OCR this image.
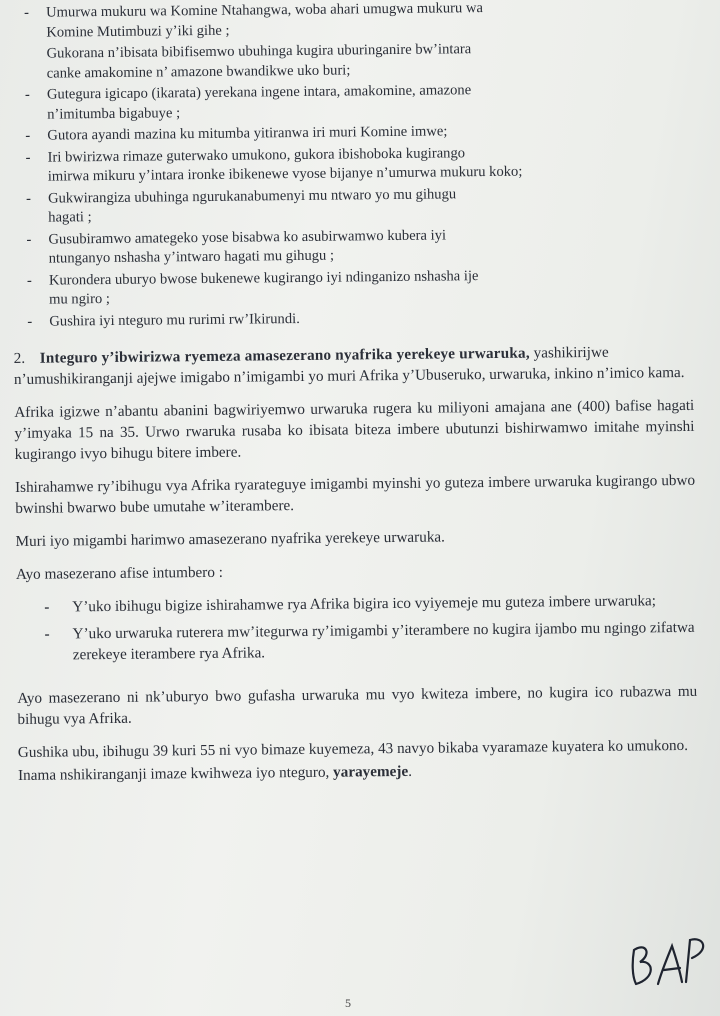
- Umurwa mukuru wa Komine Ntahangwa, woba ahari umugwa mukuru wa
Komine Mutimbuzi y’iki gihe ;
Gukorana n’ibisata bibifisemwo ubuhinga kugira uburinganire bw’intara
canke amakomine n’ amazone bwandikwe uko buri;
- Gutegura igicapo (ikarata) yerekana ingene intara, amakomine, amazone
n’imitumba bigabuye ;
- Gutora ayandi mazina ku mitumba yitiranwa iri muri Komine imwe;
- Iri bwirizwa rimaze guterwako umukono, gukora ibishoboka kugirango
imirwa mikuru y’intara ironke ibikenewe vyose bijanye n’umurwa mukuru koko;
- Gukwirangiza ubuhinga ngurukanabumenyi mu ntwaro yo mu gihugu
hagati ;
- Gusubiramwo amategeko yose bisabwa ko asubirwamwo kubera iyi
ntunganyo nshasha y’intwaro hagati mu gihugu ;
- Kurondera uburyo bwose bukenewe kugirango iyi ndinganizo nshasha ije
mu ngiro ;
- Gushira iyi nteguro mu rurimi rw’Ikirundi.
2. Integuro y’ibwirizwa ryemeza amasezerano nyafrika yerekeye urwaruka, yashikirijwe n’umushikiranganji ajejwe imigabo n’imigambi yo muri Afrika y’Ubuseruko, urwaruka, inkino n’imico kama.

Afrika igizwe n’abantu abanini bagwiriyemwo urwaruka rugera ku miliyoni amajana ane (400) bafise hagati y’imyaka 15 na 35. Urwo rwaruka rusaba ko ibisata biteza imbere ubutunzi bishirwamwo imitahe myinshi kugirango ivyo bihugu bitere imbere.

Ishirahamwe ry’ibihugu vya Afrika ryarateguye imigambi myinshi yo guteza imbere urwaruka kugirango ubwo bwinshi bwarwo bube umutahe w’iterambere.

Muri iyo migambi harimwo amasezerano nyafrika yerekeye urwaruka.

Ayo masezerano afise intumbero :

- Y’uko ibihugu bigize ishirahamwe rya Afrika bigira ico vyiyemeje mu guteza imbere urwaruka;
- Y’uko urwaruka ruterera mw’itegurwa ry’imigambi y’iterambere no kugira ijambo mu ngingo zifatwa zerekeye iterambere rya Afrika.

Ayo masezerano ni nk’uburyo bwo gufasha urwaruka mu vyo kwiteza imbere, no kugira ico rubazwa mu bihugu vya Afrika.

Gushika ubu, ibihugu 39 kuri 55 ni vyo bimaze kuyemeza, 43 navyo bikaba vyaramaze kuyatera ko umukono.

Inama nshikiranganji imaze kwihweza iyo nteguro, yarayemeje.

5
